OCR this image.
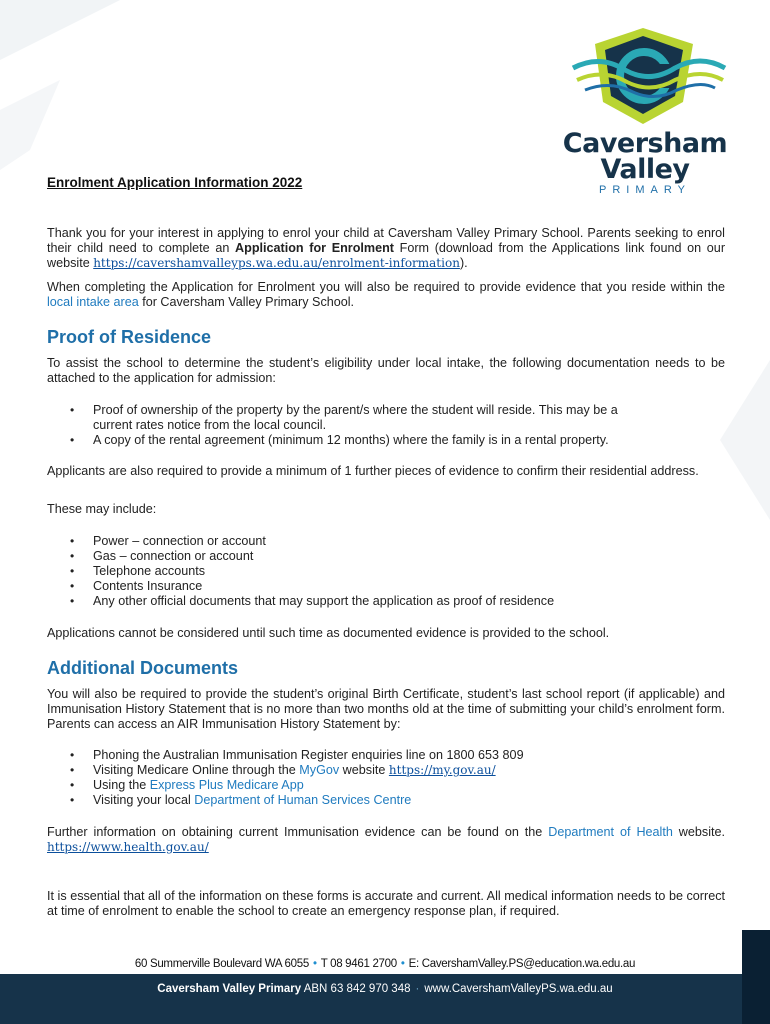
Caversham
Valley
PRIMARY
Enrolment Application Information 2022
Thank you for your interest in applying to enrol your child at Caversham Valley Primary School. Parents seeking to enrol their child need to complete an Application for Enrolment Form (download from the Applications link found on our website https://cavershamvalleyps.wa.edu.au/enrolment-information).
When completing the Application for Enrolment you will also be required to provide evidence that you reside within the local intake area for Caversham Valley Primary School.
Proof of Residence
To assist the school to determine the student’s eligibility under local intake, the following documentation needs to be attached to the application for admission:
• Proof of ownership of the property by the parent/s where the student will reside. This may be a current rates notice from the local council.
• A copy of the rental agreement (minimum 12 months) where the family is in a rental property.
Applicants are also required to provide a minimum of 1 further pieces of evidence to confirm their residential address.
These may include:
• Power – connection or account
• Gas – connection or account
• Telephone accounts
• Contents Insurance
• Any other official documents that may support the application as proof of residence
Applications cannot be considered until such time as documented evidence is provided to the school.
Additional Documents
You will also be required to provide the student’s original Birth Certificate, student’s last school report (if applicable) and Immunisation History Statement that is no more than two months old at the time of submitting your child’s enrolment form. Parents can access an AIR Immunisation History Statement by:
• Phoning the Australian Immunisation Register enquiries line on 1800 653 809
• Visiting Medicare Online through the MyGov website https://my.gov.au/
• Using the Express Plus Medicare App
• Visiting your local Department of Human Services Centre
Further information on obtaining current Immunisation evidence can be found on the Department of Health website. https://www.health.gov.au/
It is essential that all of the information on these forms is accurate and current. All medical information needs to be correct at time of enrolment to enable the school to create an emergency response plan, if required.
60 Summerville Boulevard WA 6055 • T 08 9461 2700 • E: CavershamValley.PS@education.wa.edu.au
Caversham Valley Primary ABN 63 842 970 348 · www.CavershamValleyPS.wa.edu.au
